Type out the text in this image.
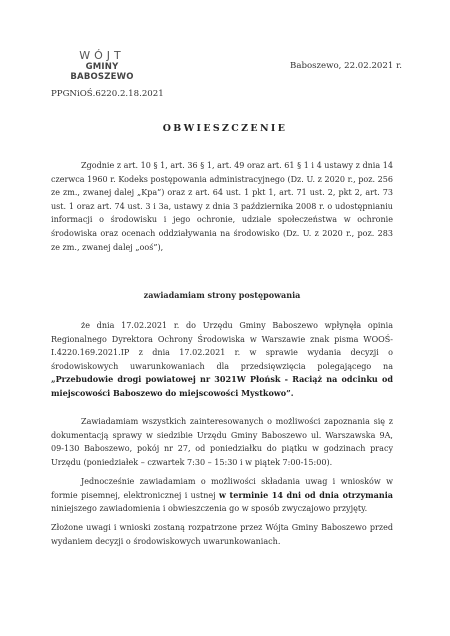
WÓJT
GMINY BABOSZEWO
PPGNiOŚ.6220.2.18.2021
Baboszewo, 22.02.2021 r.
OBWIESZCZENIE
Zgodnie z art. 10 § 1, art. 36 § 1, art. 49 oraz art. 61 § 1 i 4 ustawy z dnia 14 czerwca 1960 r. Kodeks postępowania administracyjnego (Dz. U. z 2020 r., poz. 256 ze zm., zwanej dalej „Kpa”) oraz z art. 64 ust. 1 pkt 1, art. 71 ust. 2, pkt 2, art. 73 ust. 1 oraz art. 74 ust. 3 i 3a, ustawy z dnia 3 października 2008 r. o udostępnianiu informacji o środowisku i jego ochronie, udziale społeczeństwa w ochronie środowiska oraz ocenach oddziaływania na środowisko (Dz. U. z 2020 r., poz. 283 ze zm., zwanej dalej „ooś”),
zawiadamiam strony postępowania
że dnia 17.02.2021 r. do Urzędu Gminy Baboszewo wpłynęła opinia Regionalnego Dyrektora Ochrony Środowiska w Warszawie znak pisma WOOŚ-I.4220.169.2021.IP z dnia 17.02.2021 r. w sprawie wydania decyzji o środowiskowych uwarunkowaniach dla przedsięwzięcia polegającego na „Przebudowie drogi powiatowej nr 3021W Płońsk - Raciąż na odcinku od miejscowości Baboszewo do miejscowości Mystkowo”.
Zawiadamiam wszystkich zainteresowanych o możliwości zapoznania się z dokumentacją sprawy w siedzibie Urzędu Gminy Baboszewo ul. Warszawska 9A, 09-130 Baboszewo, pokój nr 27, od poniedziałku do piątku w godzinach pracy Urzędu (poniedziałek – czwartek 7:30 – 15:30 i w piątek 7:00-15:00).
Jednocześnie zawiadamiam o możliwości składania uwag i wniosków w formie pisemnej, elektronicznej i ustnej w terminie 14 dni od dnia otrzymania niniejszego zawiadomienia i obwieszczenia go w sposób zwyczajowo przyjęty.
Złożone uwagi i wnioski zostaną rozpatrzone przez Wójta Gminy Baboszewo przed wydaniem decyzji o środowiskowych uwarunkowaniach.
